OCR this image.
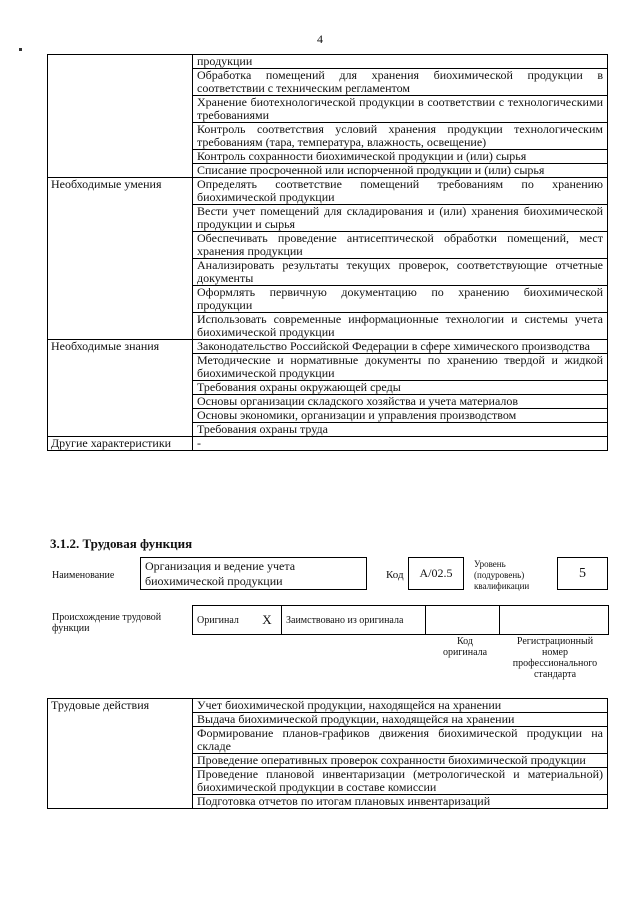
4
	продукции
	Обработка помещений для хранения биохимической продукции в соответствии с техническим регламентом
	Хранение биотехнологической продукции в соответствии с технологическими требованиями
	Контроль соответствия условий хранения продукции технологическим требованиям (тара, температура, влажность, освещение)
	Контроль сохранности биохимической продукции и (или) сырья
	Списание просроченной или испорченной продукции и (или) сырья
Необходимые умения	Определять соответствие помещений требованиям по хранению биохимической продукции
	Вести учет помещений для складирования и (или) хранения биохимической продукции и сырья
	Обеспечивать проведение антисептической обработки помещений, мест хранения продукции
	Анализировать результаты текущих проверок, соответствующие отчетные документы
	Оформлять первичную документацию по хранению биохимической продукции
	Использовать современные информационные технологии и системы учета биохимической продукции
Необходимые знания	Законодательство Российской Федерации в сфере химического производства
	Методические и нормативные документы по хранению твердой и жидкой биохимической продукции
	Требования охраны окружающей среды
	Основы организации складского хозяйства и учета материалов
	Основы экономики, организации и управления производством
	Требования охраны труда
Другие характеристики	-
3.1.2. Трудовая функция
Наименование
Организация и ведение учета биохимической продукции	Код	A/02.5
Уровень (подуровень) квалификации
5
Происхождение трудовой функции
Оригинал	X	Заимствовано из оригинала		
Код оригинала
Регистрационный номер профессионального стандарта
Трудовые действия	Учет биохимической продукции, находящейся на хранении
Выдача биохимической продукции, находящейся на хранении
Формирование планов-графиков движения биохимической продукции на складе
Проведение оперативных проверок сохранности биохимической продукции
Проведение плановой инвентаризации (метрологической и материальной) биохимической продукции в составе комиссии
Подготовка отчетов по итогам плановых инвентаризаций
